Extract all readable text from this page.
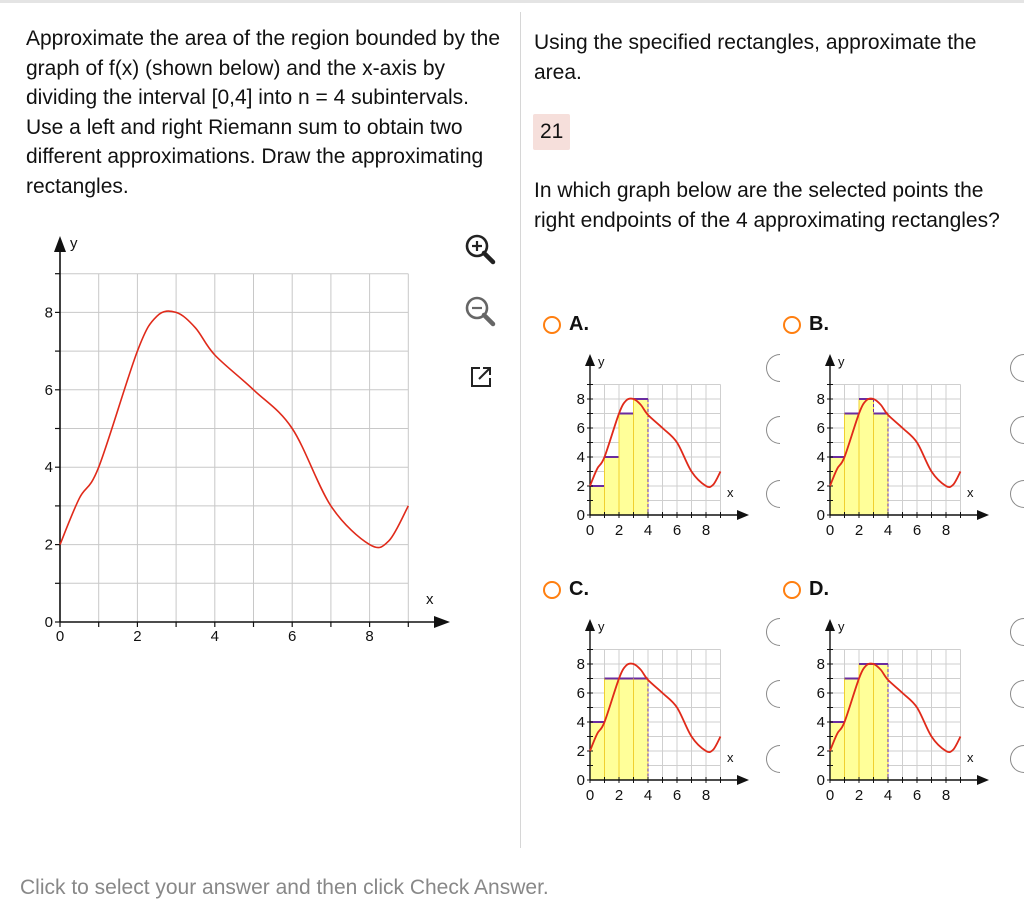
Approximate the area of the region bounded by the graph of f(x) (shown below) and the x-axis by dividing the interval [0,4] into n = 4 subintervals. Use a left and right Riemann sum to obtain two different approximations. Draw the approximating rectangles.

y
x
0	2	4	6	8
0
2
4
6
8

Using the specified rectangles, approximate the area.

21

In which graph below are the selected points the right endpoints of the 4 approximating rectangles?

A.	B.
C.	D.
y
x
0 2 4 6 8
0
2
4
6
8
y
x
0 2 4 6 8
0
2
4
6
8
y
x
0 2 4 6 8
0
2
4
6
8
y
x
0 2 4 6 8
0
2
4
6
8
Click to select your answer and then click Check Answer.
